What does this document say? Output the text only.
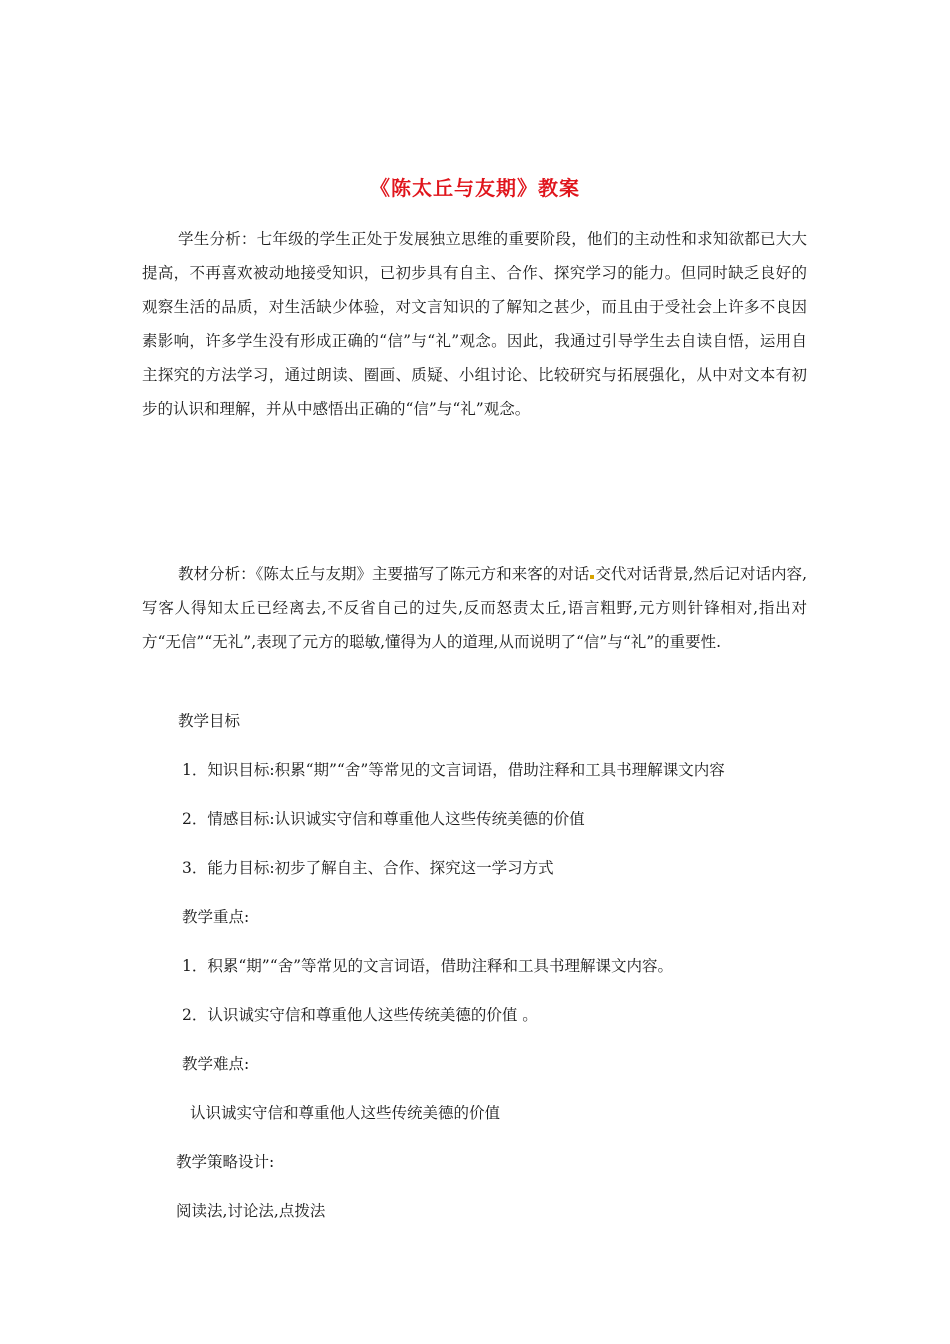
《陈太丘与友期》教案

学生分析：七年级的学生正处于发展独立思维的重要阶段，他们的主动性和求知欲都已大大提高，不再喜欢被动地接受知识，已初步具有自主、合作、探究学习的能力。但同时缺乏良好的观察生活的品质，对生活缺少体验，对文言知识的了解知之甚少，而且由于受社会上许多不良因素影响，许多学生没有形成正确的“信”与“礼”观念。因此，我通过引导学生去自读自悟，运用自主探究的方法学习，通过朗读、圈画、质疑、小组讨论、比较研究与拓展强化，从中对文本有初步的认识和理解，并从中感悟出正确的“信”与“礼”观念。

教材分析：《陈太丘与友期》主要描写了陈元方和来客的对话 交代对话背景,然后记对话内容,写客人得知太丘已经离去,不反省自己的过失,反而怒责太丘,语言粗野,元方则针锋相对,指出对方“无信”“无礼”,表现了元方的聪敏,懂得为人的道理,从而说明了“信”与“礼”的重要性.

教学目标

1．知识目标:积累“期”“舍”等常见的文言词语，借助注释和工具书理解课文内容

2．情感目标:认识诚实守信和尊重他人这些传统美德的价值

3．能力目标:初步了解自主、合作、探究这一学习方式

教学重点:

1．积累“期”“舍”等常见的文言词语，借助注释和工具书理解课文内容。

2．认识诚实守信和尊重他人这些传统美德的价值 。

教学难点:

认识诚实守信和尊重他人这些传统美德的价值

教学策略设计:

阅读法,讨论法,点拨法
